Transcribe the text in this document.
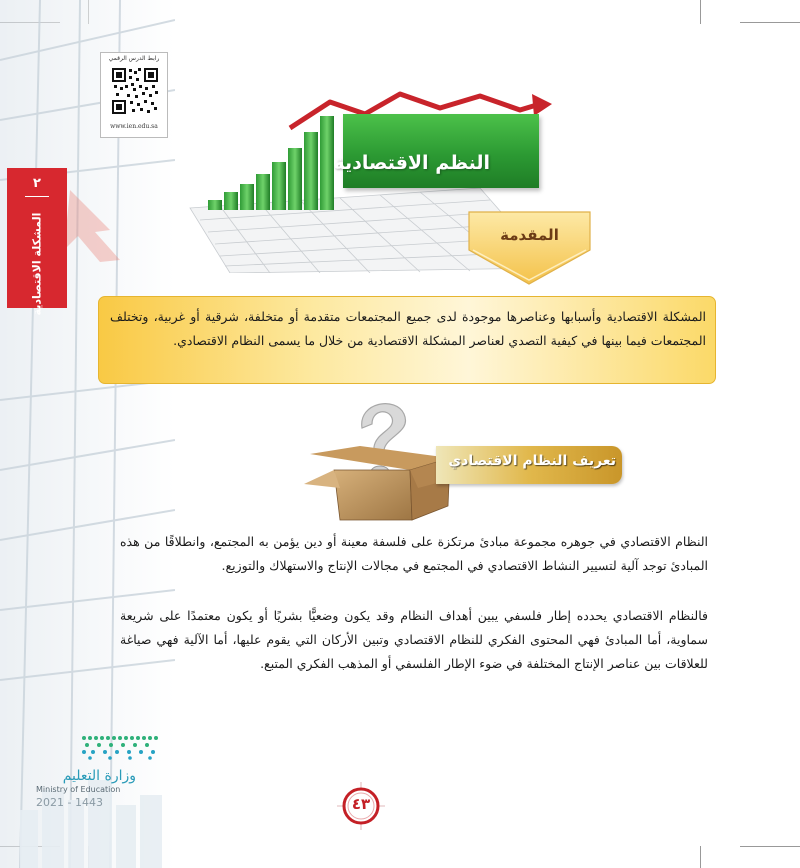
رابط الدرس الرقمي
www.ien.edu.sa
٢
المشكلة الاقتصادية
الفصل ٢-٤
النظم الاقتصادية
المقدمة
المشكلة الاقتصادية وأسبابها وعناصرها موجودة لدى جميع المجتمعات متقدمة أو متخلفة، شرقية أو غربية، وتختلف المجتمعات فيما بينها في كيفية التصدي لعناصر المشكلة الاقتصادية من خلال ما يسمى النظام الاقتصادي.
تعريف النظام الاقتصادي
النظام الاقتصادي في جوهره مجموعة مبادئ مرتكزة على فلسفة معينة أو دين يؤمن به المجتمع، وانطلاقًا من هذه المبادئ توجد آلية لتسيير النشاط الاقتصادي في المجتمع في مجالات الإنتاج والاستهلاك والتوزيع.
فالنظام الاقتصادي يحدده إطار فلسفي يبين أهداف النظام وقد يكون وضعيًّا بشريًا أو يكون معتمدًا على شريعة سماوية، أما المبادئ فهي المحتوى الفكري للنظام الاقتصادي وتبين الأركان التي يقوم عليها، أما الآلية فهي صياغة للعلاقات بين عناصر الإنتاج المختلفة في ضوء الإطار الفلسفي أو المذهب الفكري المتبع.
وزارة التعليم
Ministry of Education
2021 - 1443	٤٣
